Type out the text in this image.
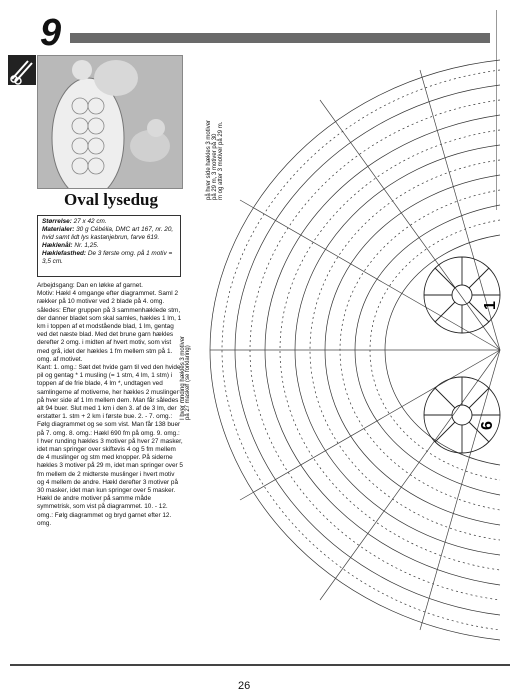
9
Oval lysedug
Størrelse: 27 x 42 cm.
Materialer: 30 g Cébélia, DMC art 167, nr. 20, hvid samt lidt lys kastanjebrun, farve 619.
Hæklenål: Nr. 1,25.
Hæklefasthed: De 3 første omg. på 1 motiv = 3,5 cm.

Arbejdsgang: Dan en løkke af garnet.

Motiv: Hækl 4 omgange efter diagrammet. Saml 2 rækker på 10 motiver ved 2 blade på 4. omg. således: Efter gruppen på 3 sammenhæklede stm, der danner bladet som skal samles, hækles 1 lm, 1 km i toppen af et modstående blad, 1 lm, gentag ved det næste blad. Med det brune garn hækles derefter 2 omg. i midten af hvert motiv, som vist med grå, idet der hækles 1 fm mellem stm på 1. omg. af motivet.

Kant: 1. omg.: Sæt det hvide garn til ved den hvide pil og gentag * 1 musling (= 1 stm, 4 lm, 1 stm) i toppen af de frie blade, 4 lm *, undtagen ved samlingerne af motiverne, her hækles 2 muslinger på hver side af 1 lm mellem dem. Man får således i alt 94 buer. Slut med 1 km i den 3. af de 3 lm, der erstatter 1. stm + 2 km i første bue. 2. - 7. omg.: Følg diagrammet og se som vist. Man får 138 buer på 7. omg. 8. omg.: Hækl 690 fm på omg. 9. omg.: I hver runding hækles 3 motiver på hver 27 masker, idet man springer over skiftevis 4 og 5 fm mellem de 4 muslinger og stm med knopper. På siderne hækles 3 motiver på 29 m, idet man springer over 5 fm mellem de 2 midterste muslinger i hvert motiv og 4 mellem de andre. Hækl derefter 3 motiver på 30 masker, idet man kun springer over 5 masker. Hækl de andre motiver på samme måde symmetrisk, som vist på diagrammet. 10. - 12. omg.: Følg diagrammet og bryd garnet efter 12. omg.

1
6
I hver runding hækles 3 motiver på 27 masker (se forklaring)
på hver side hækles 3 motiver på 29 m, 3 motiver på 30 m og atter 3 motiver på 29 m.
26
